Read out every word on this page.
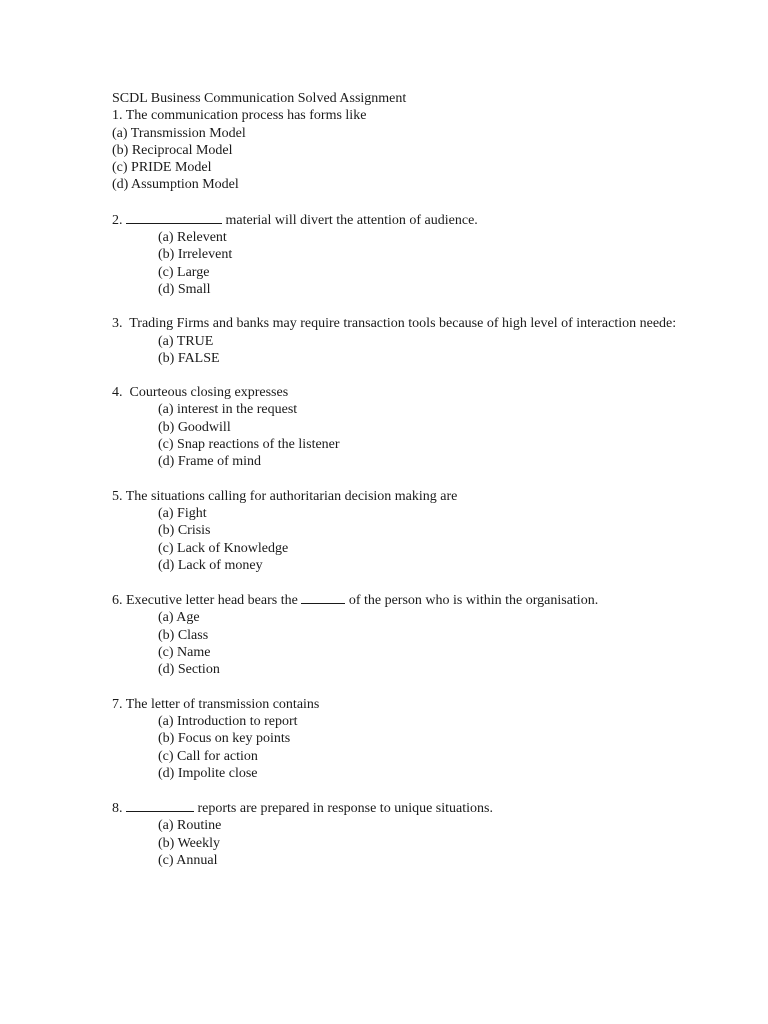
SCDL Business Communication Solved Assignment
1. The communication process has forms like
(a) Transmission Model
(b) Reciprocal Model
(c) PRIDE Model
(d) Assumption Model
2.	material will divert the attention of audience.
(a) Relevent
(b) Irrelevent
(c) Large
(d) Small
3. Trading Firms and banks may require transaction tools because of high level of interaction neede:
(a) TRUE
(b) FALSE
4. Courteous closing expresses
(a) interest in the request
(b) Goodwill
(c) Snap reactions of the listener
(d) Frame of mind
5. The situations calling for authoritarian decision making are
(a) Fight
(b) Crisis
(c) Lack of Knowledge
(d) Lack of money
6. Executive letter head bears the	of the person who is within the organisation.
(a) Age
(b) Class
(c) Name
(d) Section
7. The letter of transmission contains
(a) Introduction to report
(b) Focus on key points
(c) Call for action
(d) Impolite close
8.	reports are prepared in response to unique situations.
(a) Routine
(b) Weekly
(c) Annual
